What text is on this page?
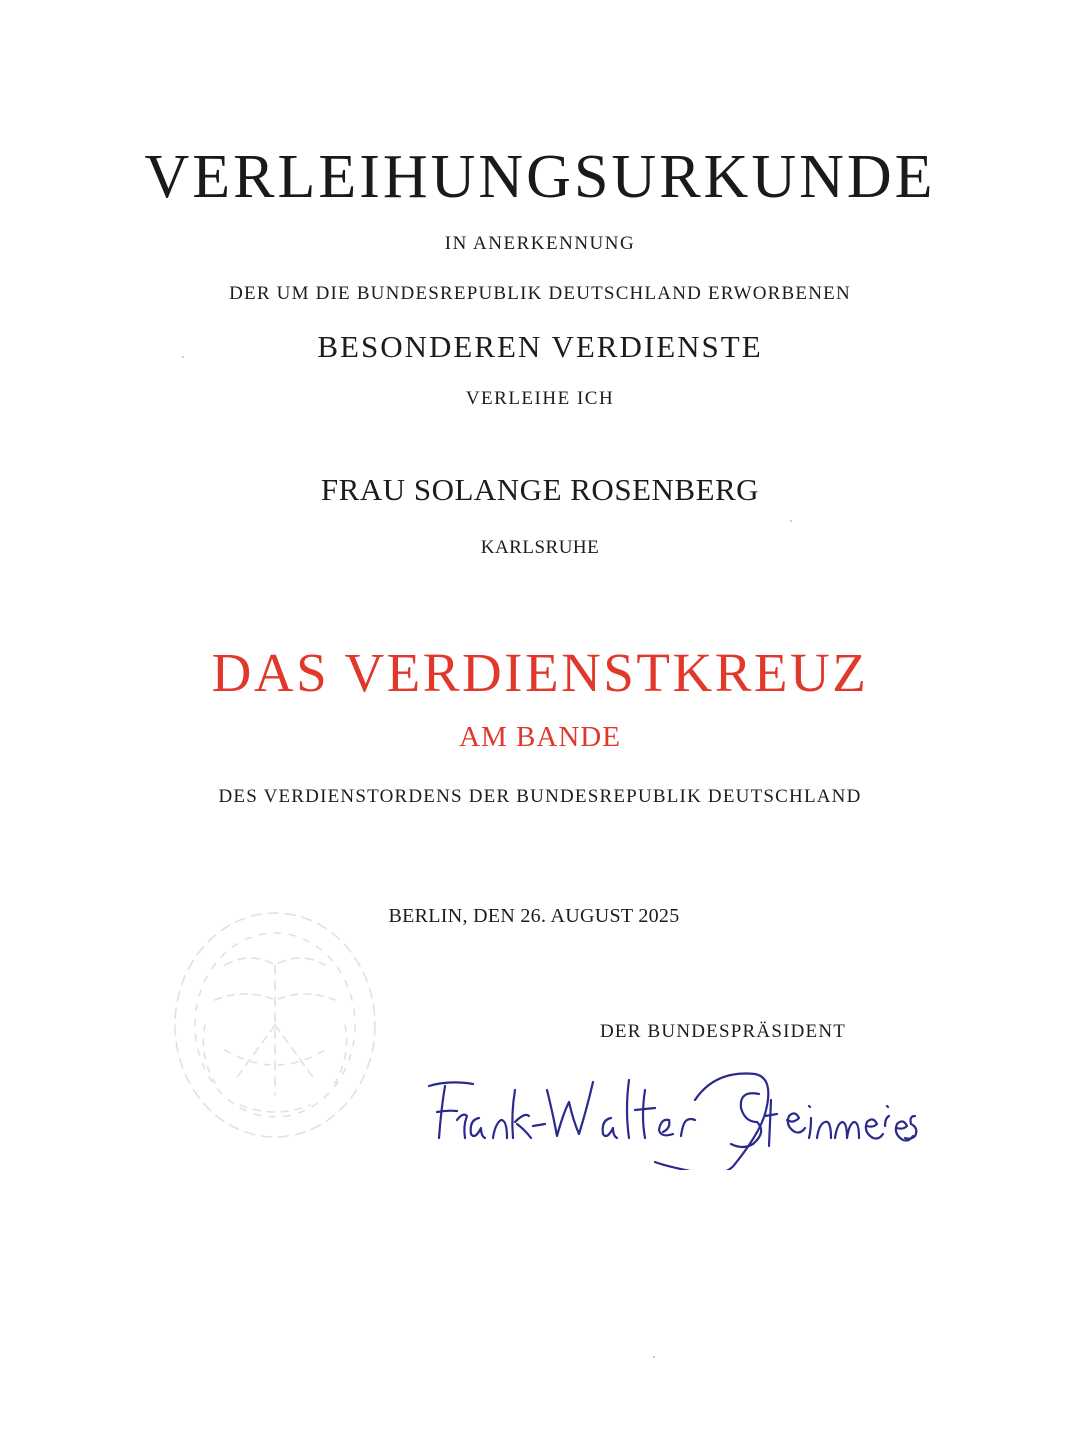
VERLEIHUNGSURKUNDE
IN ANERKENNUNG
DER UM DIE BUNDESREPUBLIK DEUTSCHLAND ERWORBENEN
BESONDEREN VERDIENSTE
VERLEIHE ICH
FRAU SOLANGE ROSENBERG
KARLSRUHE
DAS VERDIENSTKREUZ
AM BANDE
DES VERDIENSTORDENS DER BUNDESREPUBLIK DEUTSCHLAND
BERLIN, DEN 26. AUGUST 2025
DER BUNDESPRÄSIDENT
